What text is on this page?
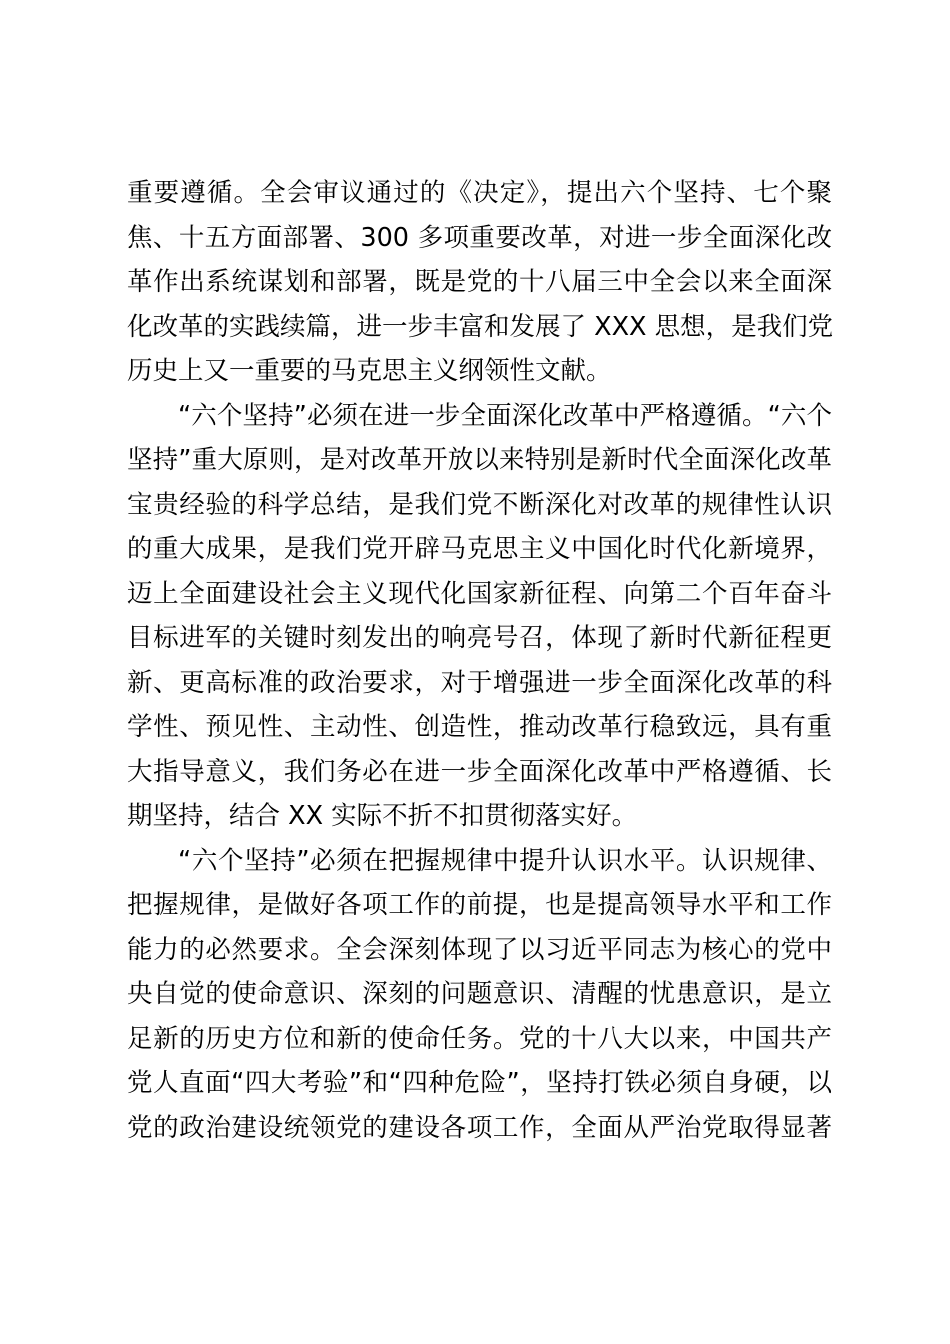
重要遵循。全会审议通过的《决定》，提出六个坚持、七个聚
焦、十五方面部署、300 多项重要改革，对进一步全面深化改
革作出系统谋划和部署，既是党的十八届三中全会以来全面深
化改革的实践续篇，进一步丰富和发展了 XXX 思想，是我们党
历史上又一重要的马克思主义纲领性文献。
“六个坚持”必须在进一步全面深化改革中严格遵循。“六个
坚持”重大原则，是对改革开放以来特别是新时代全面深化改革
宝贵经验的科学总结，是我们党不断深化对改革的规律性认识
的重大成果，是我们党开辟马克思主义中国化时代化新境界，
迈上全面建设社会主义现代化国家新征程、向第二个百年奋斗
目标进军的关键时刻发出的响亮号召，体现了新时代新征程更
新、更高标准的政治要求，对于增强进一步全面深化改革的科
学性、预见性、主动性、创造性，推动改革行稳致远，具有重
大指导意义，我们务必在进一步全面深化改革中严格遵循、长
期坚持，结合 XX 实际不折不扣贯彻落实好。
“六个坚持”必须在把握规律中提升认识水平。认识规律、
把握规律，是做好各项工作的前提，也是提高领导水平和工作
能力的必然要求。全会深刻体现了以习近平同志为核心的党中
央自觉的使命意识、深刻的问题意识、清醒的忧患意识，是立
足新的历史方位和新的使命任务。党的十八大以来，中国共产
党人直面“四大考验”和“四种危险”，坚持打铁必须自身硬，以
党的政治建设统领党的建设各项工作，全面从严治党取得显著
